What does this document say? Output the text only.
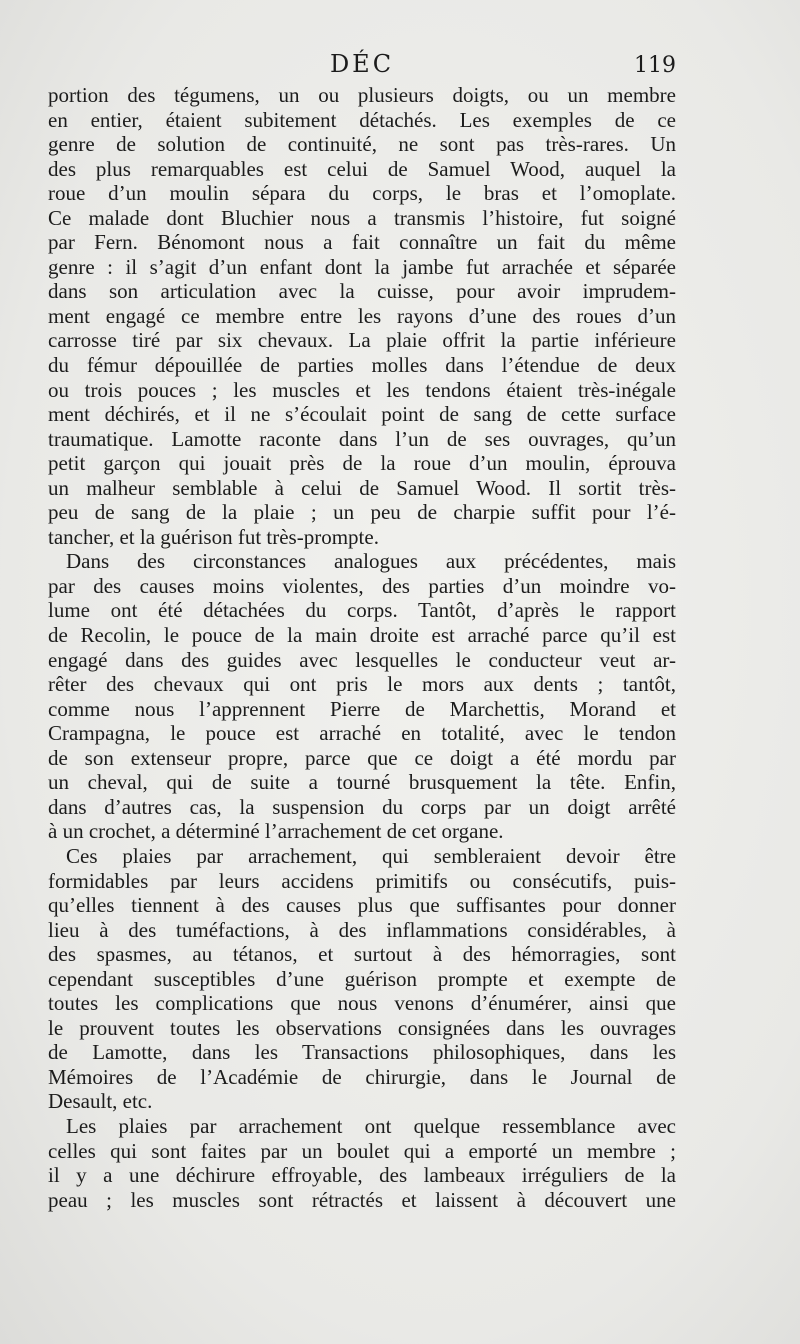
DÉC	119
portion des tégumens, un ou plusieurs doigts, ou un membre
en entier, étaient subitement détachés. Les exemples de ce
genre de solution de continuité, ne sont pas très-rares. Un
des plus remarquables est celui de Samuel Wood, auquel la
roue d’un moulin sépara du corps, le bras et l’omoplate.
Ce malade dont Bluchier nous a transmis l’histoire, fut soigné
par Fern. Bénomont nous a fait connaître un fait du même
genre : il s’agit d’un enfant dont la jambe fut arrachée et séparée
dans son articulation avec la cuisse, pour avoir imprudem-
ment engagé ce membre entre les rayons d’une des roues d’un
carrosse tiré par six chevaux. La plaie offrit la partie inférieure
du fémur dépouillée de parties molles dans l’étendue de deux
ou trois pouces ; les muscles et les tendons étaient très-inégale
ment déchirés, et il ne s’écoulait point de sang de cette surface
traumatique. Lamotte raconte dans l’un de ses ouvrages, qu’un
petit garçon qui jouait près de la roue d’un moulin, éprouva
un malheur semblable à celui de Samuel Wood. Il sortit très-
peu de sang de la plaie ; un peu de charpie suffit pour l’é-
tancher, et la guérison fut très-prompte.
Dans des circonstances analogues aux précédentes, mais
par des causes moins violentes, des parties d’un moindre vo-
lume ont été détachées du corps. Tantôt, d’après le rapport
de Recolin, le pouce de la main droite est arraché parce qu’il est
engagé dans des guides avec lesquelles le conducteur veut ar-
rêter des chevaux qui ont pris le mors aux dents ; tantôt,
comme nous l’apprennent Pierre de Marchettis, Morand et
Crampagna, le pouce est arraché en totalité, avec le tendon
de son extenseur propre, parce que ce doigt a été mordu par
un cheval, qui de suite a tourné brusquement la tête. Enfin,
dans d’autres cas, la suspension du corps par un doigt arrêté
à un crochet, a déterminé l’arrachement de cet organe.
Ces plaies par arrachement, qui sembleraient devoir être
formidables par leurs accidens primitifs ou consécutifs, puis-
qu’elles tiennent à des causes plus que suffisantes pour donner
lieu à des tuméfactions, à des inflammations considérables, à
des spasmes, au tétanos, et surtout à des hémorragies, sont
cependant susceptibles d’une guérison prompte et exempte de
toutes les complications que nous venons d’énumérer, ainsi que
le prouvent toutes les observations consignées dans les ouvrages
de Lamotte, dans les Transactions philosophiques, dans les
Mémoires de l’Académie de chirurgie, dans le Journal de
Desault, etc.
Les plaies par arrachement ont quelque ressemblance avec
celles qui sont faites par un boulet qui a emporté un membre ;
il y a une déchirure effroyable, des lambeaux irréguliers de la
peau ; les muscles sont rétractés et laissent à découvert une
